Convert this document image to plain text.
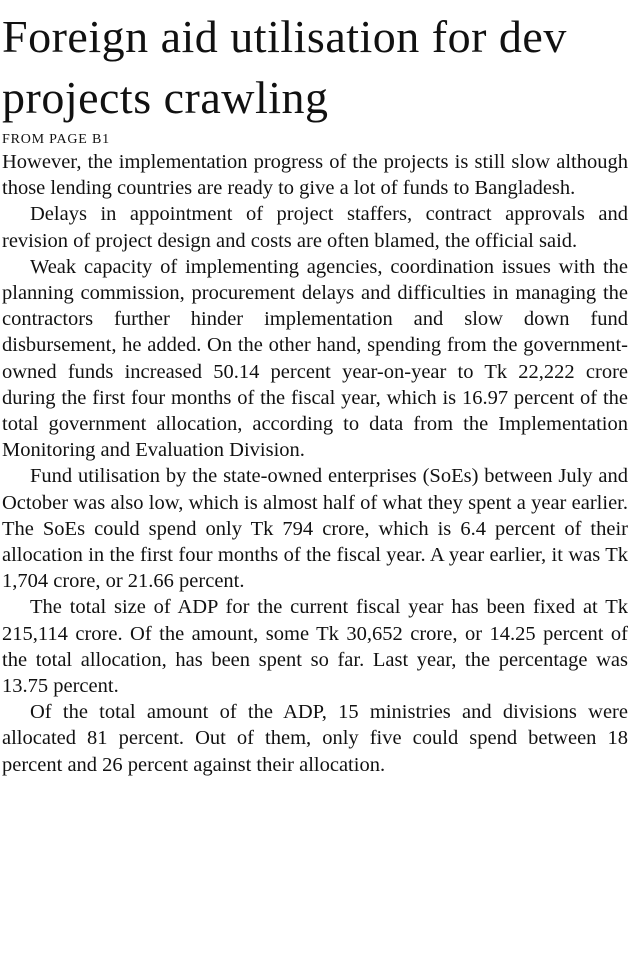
Foreign aid utilisation for dev projects crawling
FROM PAGE B1

However, the implementation progress of the projects is still slow although those lending countries are ready to give a lot of funds to Bangladesh.

Delays in appointment of project staffers, contract approvals and revision of project design and costs are often blamed, the official said.

Weak capacity of implementing agencies, coordination issues with the planning commission, procurement delays and difficulties in managing the contractors further hinder implementation and slow down fund disbursement, he added. On the other hand, spending from the government-owned funds increased 50.14 percent year-on-year to Tk 22,222 crore during the first four months of the fiscal year, which is 16.97 percent of the total government allocation, according to data from the Implementation Monitoring and Evaluation Division.

Fund utilisation by the state-owned enterprises (SoEs) between July and October was also low, which is almost half of what they spent a year earlier. The SoEs could spend only Tk 794 crore, which is 6.4 percent of their allocation in the first four months of the fiscal year. A year earlier, it was Tk 1,704 crore, or 21.66 percent.

The total size of ADP for the current fiscal year has been fixed at Tk 215,114 crore. Of the amount, some Tk 30,652 crore, or 14.25 percent of the total allocation, has been spent so far. Last year, the percentage was 13.75 percent.

Of the total amount of the ADP, 15 ministries and divisions were allocated 81 percent. Out of them, only five could spend between 18 percent and 26 percent against their allocation.
